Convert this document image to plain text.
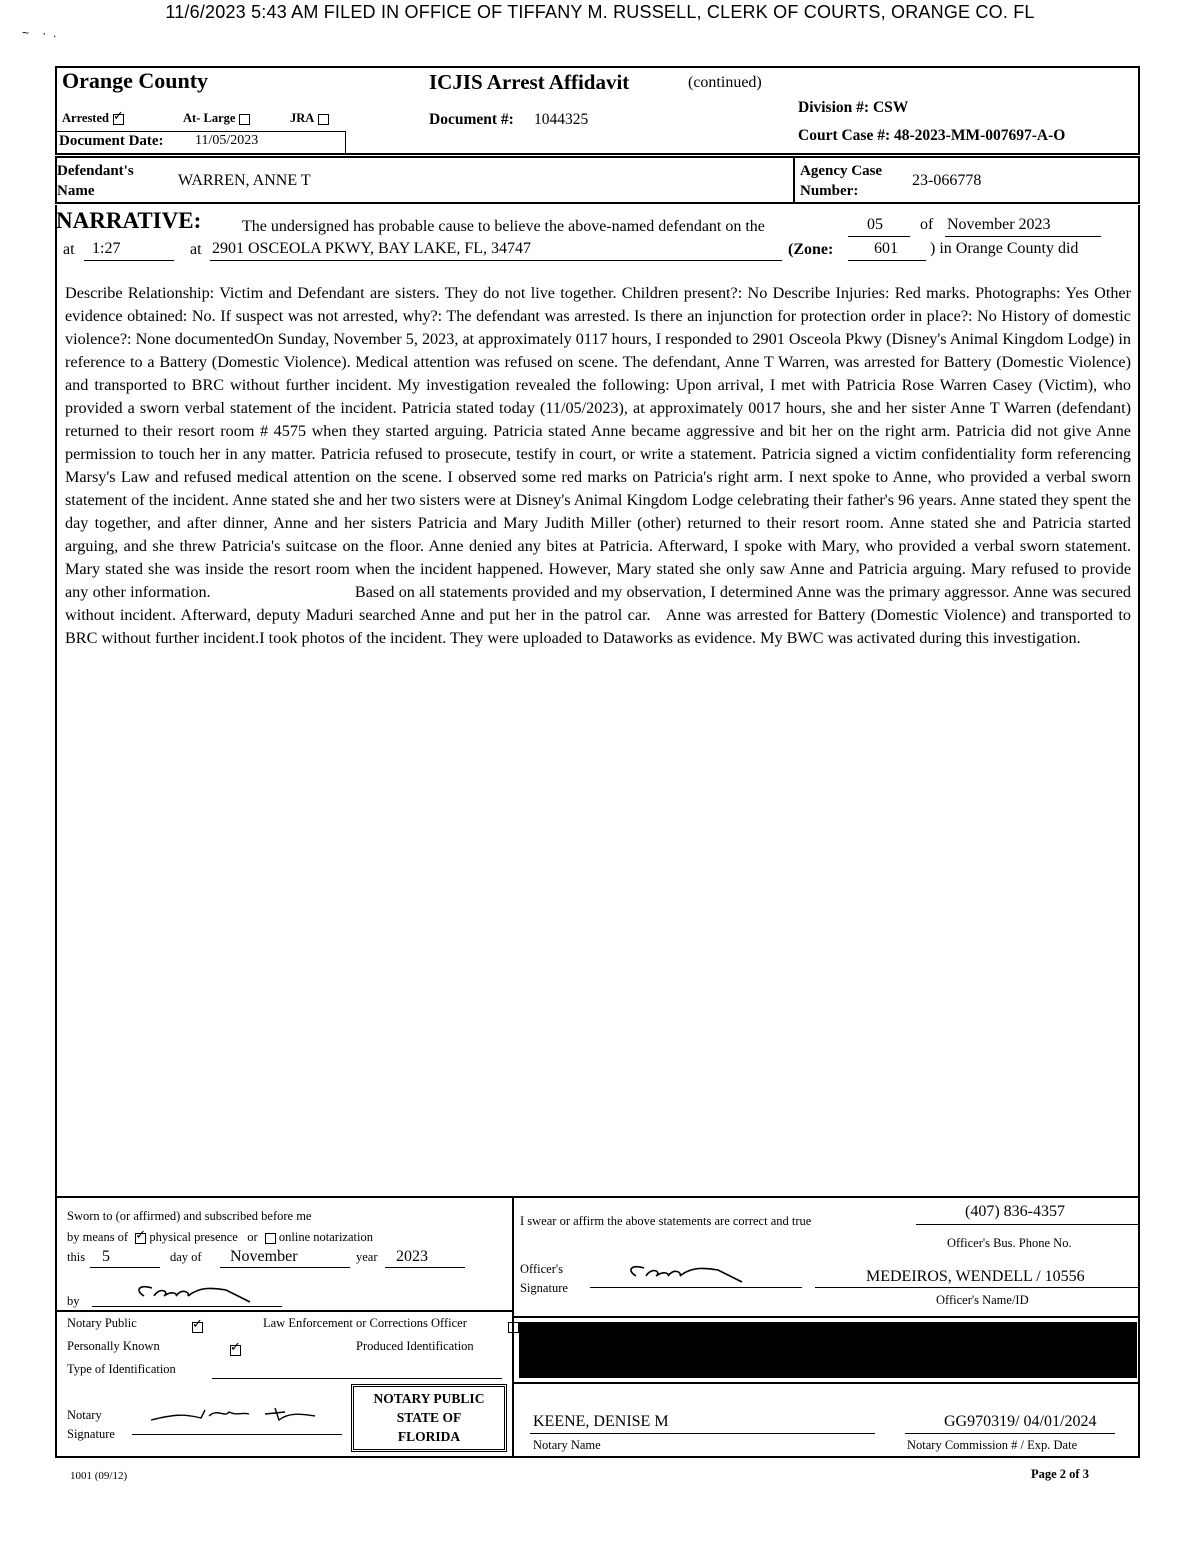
11/6/2023 5:43 AM FILED IN OFFICE OF TIFFANY M. RUSSELL, CLERK OF COURTS, ORANGE CO. FL
~    ·  .
Orange County	ICJIS Arrest Affidavit	(continued)
Arrested ✓	At- Large	JRA	Document #: 1044325
Division #: CSW
Court Case #: 48-2023-MM-007697-A-O
Document Date: 11/05/2023
Defendant's
Name
WARREN, ANNE T
Agency Case
Number:
23-066778
NARRATIVE:	The undersigned has probable cause to believe the above-named defendant on the	05 of November 2023
at 1:27	at 2901 OSCEOLA PKWY, BAY LAKE, FL, 34747	(Zone:	601 ) in Orange County did
Describe Relationship: Victim and Defendant are sisters. They do not live together. Children present?: No Describe Injuries: Red marks. Photographs: Yes Other evidence obtained: No. If suspect was not arrested, why?: The defendant was arrested. Is there an injunction for protection order in place?: No History of domestic violence?: None documentedOn Sunday, November 5, 2023, at approximately 0117 hours, I responded to 2901 Osceola Pkwy (Disney's Animal Kingdom Lodge) in reference to a Battery (Domestic Violence). Medical attention was refused on scene. The defendant, Anne T Warren, was arrested for Battery (Domestic Violence) and transported to BRC without further incident. My investigation revealed the following: Upon arrival, I met with Patricia Rose Warren Casey (Victim), who provided a sworn verbal statement of the incident. Patricia stated today (11/05/2023), at approximately 0017 hours, she and her sister Anne T Warren (defendant) returned to their resort room # 4575 when they started arguing. Patricia stated Anne became aggressive and bit her on the right arm. Patricia did not give Anne permission to touch her in any matter. Patricia refused to prosecute, testify in court, or write a statement. Patricia signed a victim confidentiality form referencing Marsy's Law and refused medical attention on the scene. I observed some red marks on Patricia's right arm. I next spoke to Anne, who provided a verbal sworn statement of the incident. Anne stated she and her two sisters were at Disney's Animal Kingdom Lodge celebrating their father's 96 years. Anne stated they spent the day together, and after dinner, Anne and her sisters Patricia and Mary Judith Miller (other) returned to their resort room. Anne stated she and Patricia started arguing, and she threw Patricia's suitcase on the floor. Anne denied any bites at Patricia. Afterward, I spoke with Mary, who provided a verbal sworn statement. Mary stated she was inside the resort room when the incident happened. However, Mary stated she only saw Anne and Patricia arguing. Mary refused to provide any other information.                                  Based on all statements provided and my observation, I determined Anne was the primary aggressor. Anne was secured without incident. Afterward, deputy Maduri searched Anne and put her in the patrol car.   Anne was arrested for Battery (Domestic Violence) and transported to BRC without further incident.I took photos of the incident. They were uploaded to Dataworks as evidence. My BWC was activated during this investigation.
Sworn to (or affirmed) and subscribed before me
by means of ✓ physical presence or online notarization
this 5	day of November	year 2023
by
Notary Public ✓	Law Enforcement or Corrections Officer

Personally Known ✓	Produced Identification
Type of Identification
Notary
Signature
NOTARY PUBLIC
STATE OF
FLORIDA
I swear or affirm the above statements are correct and true
(407) 836-4357
Officer's Bus. Phone No.
Officer's
Signature
MEDEIROS, WENDELL / 10556
Officer's Name/ID
KEENE, DENISE M
Notary Name
GG970319/ 04/01/2024
Notary Commission # / Exp. Date
1001 (09/12)	Page 2 of 3
